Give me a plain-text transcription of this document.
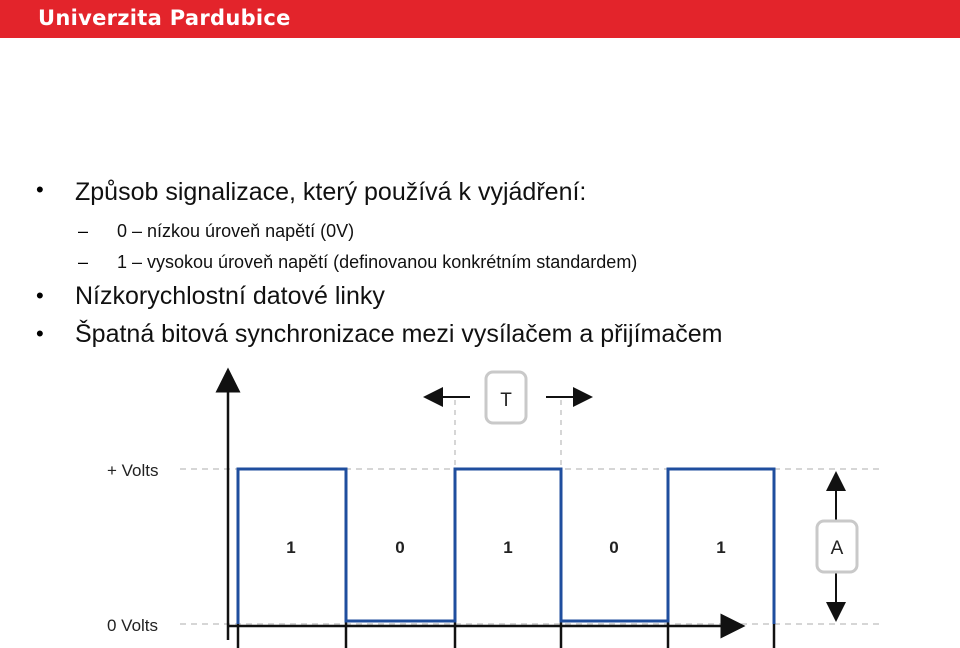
Univerzita Pardubice
• Způsob signalizace, který používá k vyjádření:
– 0 – nízkou úroveň napětí (0V)
– 1 – vysokou úroveň napětí (definovanou konkrétním standardem)
• Nízkorychlostní datové linky
• Špatná bitová synchronizace mezi vysílačem a přijímačem
+ Volts
0 Volts
1	0	1	0	1
T
A
